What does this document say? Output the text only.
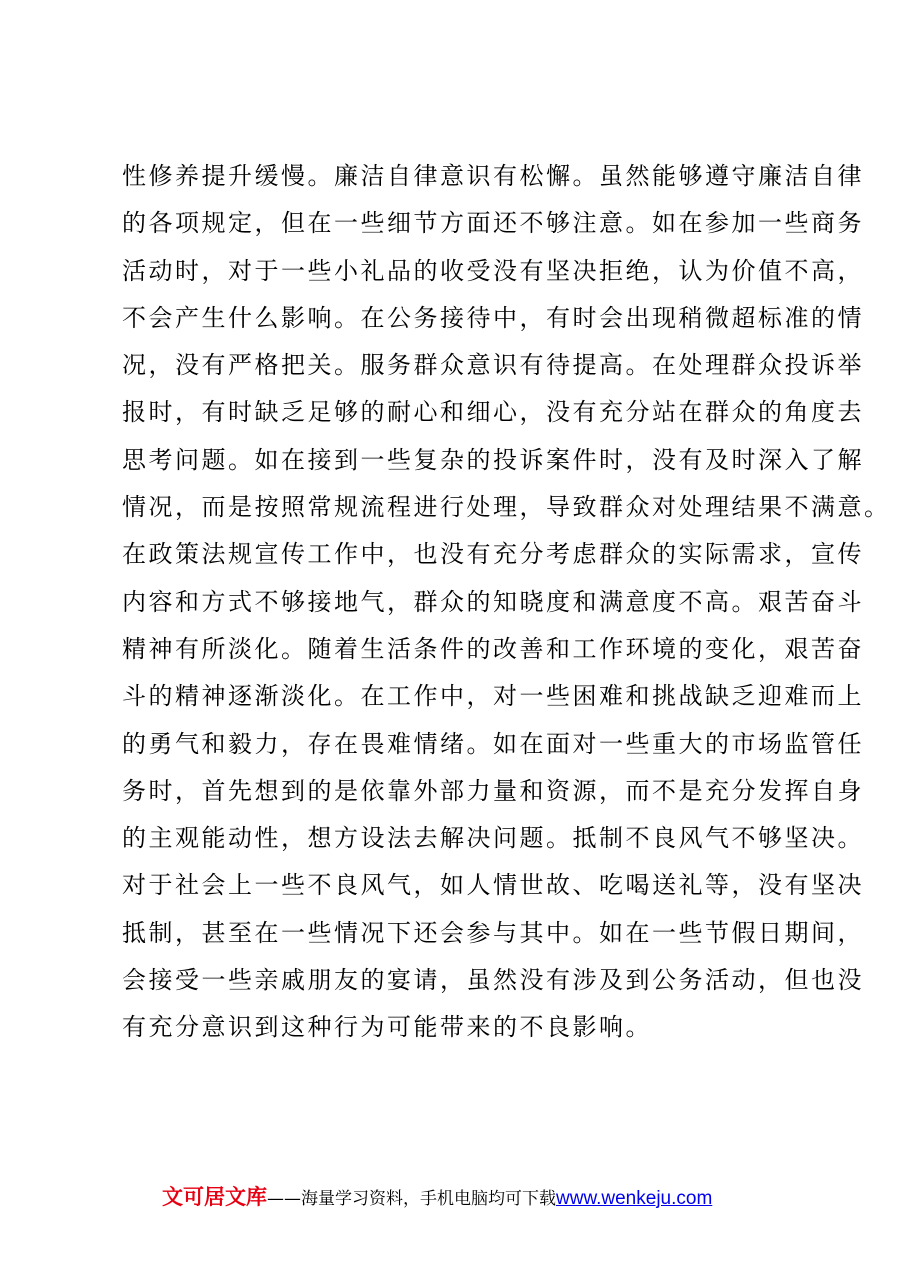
性修养提升缓慢。廉洁自律意识有松懈。虽然能够遵守廉洁自律
的各项规定，但在一些细节方面还不够注意。如在参加一些商务
活动时，对于一些小礼品的收受没有坚决拒绝，认为价值不高，
不会产生什么影响。在公务接待中，有时会出现稍微超标准的情
况，没有严格把关。服务群众意识有待提高。在处理群众投诉举
报时，有时缺乏足够的耐心和细心，没有充分站在群众的角度去
思考问题。如在接到一些复杂的投诉案件时，没有及时深入了解
情况，而是按照常规流程进行处理，导致群众对处理结果不满意。
在政策法规宣传工作中，也没有充分考虑群众的实际需求，宣传
内容和方式不够接地气，群众的知晓度和满意度不高。艰苦奋斗
精神有所淡化。随着生活条件的改善和工作环境的变化，艰苦奋
斗的精神逐渐淡化。在工作中，对一些困难和挑战缺乏迎难而上
的勇气和毅力，存在畏难情绪。如在面对一些重大的市场监管任
务时，首先想到的是依靠外部力量和资源，而不是充分发挥自身
的主观能动性，想方设法去解决问题。抵制不良风气不够坚决。
对于社会上一些不良风气，如人情世故、吃喝送礼等，没有坚决
抵制，甚至在一些情况下还会参与其中。如在一些节假日期间，
会接受一些亲戚朋友的宴请，虽然没有涉及到公务活动，但也没
有充分意识到这种行为可能带来的不良影响。
文可居文库——海量学习资料，手机电脑均可下载www.wenkeju.com
